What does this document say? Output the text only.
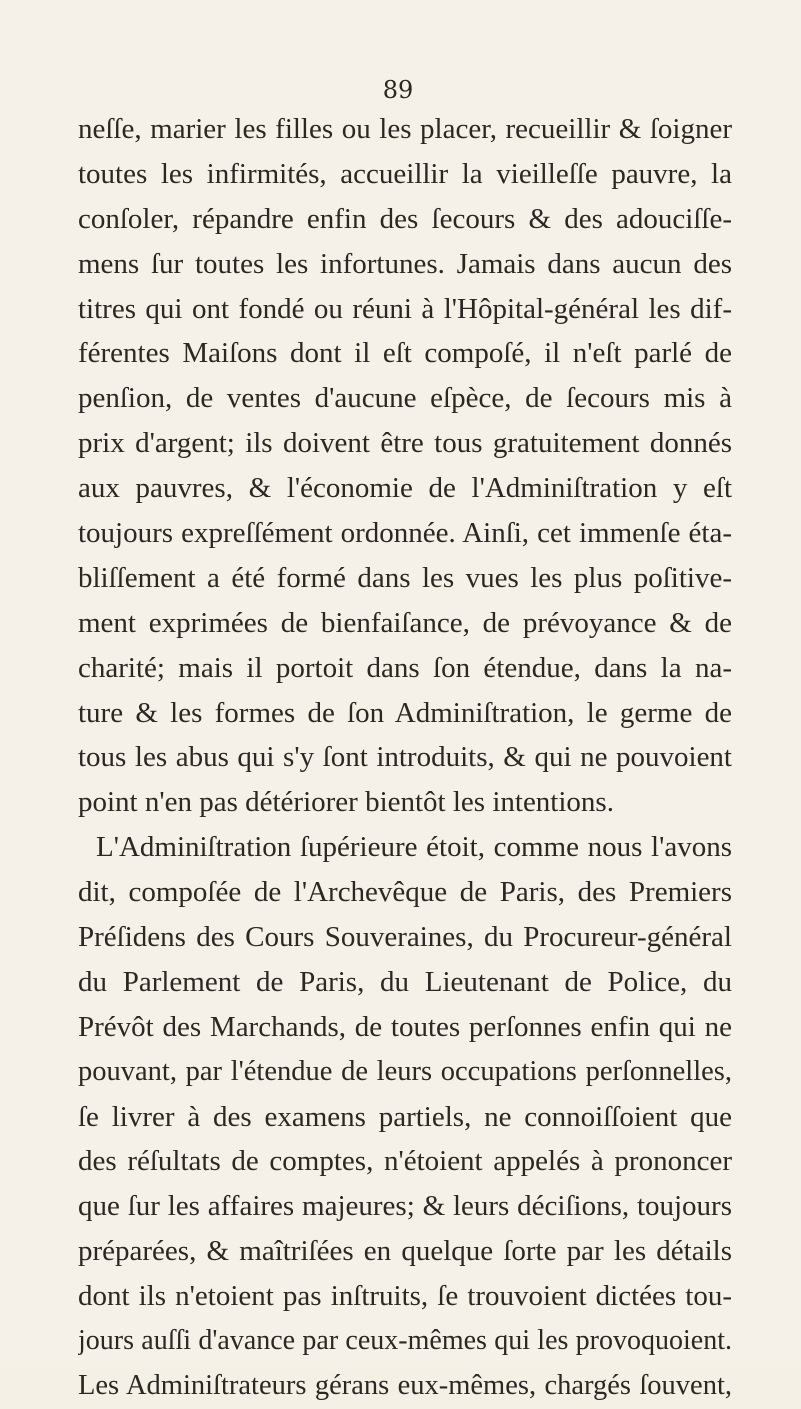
89
neſſe, marier les filles ou les placer, recueillir & ſoigner
toutes les infirmités, accueillir la vieilleſſe pauvre, la
conſoler, répandre enfin des ſecours & des adouciſſe-
mens ſur toutes les infortunes. Jamais dans aucun des
titres qui ont fondé ou réuni à l'Hôpital-général les dif-
férentes Maiſons dont il eſt compoſé, il n'eſt parlé de
penſion, de ventes d'aucune eſpèce, de ſecours mis à
prix d'argent; ils doivent être tous gratuitement donnés
aux pauvres, & l'économie de l'Adminiſtration y eſt
toujours expreſſément ordonnée. Ainſi, cet immenſe éta-
bliſſement a été formé dans les vues les plus poſitive-
ment exprimées de bienfaiſance, de prévoyance & de
charité; mais il portoit dans ſon étendue, dans la na-
ture & les formes de ſon Adminiſtration, le germe de
tous les abus qui s'y ſont introduits, & qui ne pouvoient
point n'en pas détériorer bientôt les intentions.
L'Adminiſtration ſupérieure étoit, comme nous l'avons
dit, compoſée de l'Archevêque de Paris, des Premiers
Préſidens des Cours Souveraines, du Procureur-général
du Parlement de Paris, du Lieutenant de Police, du
Prévôt des Marchands, de toutes perſonnes enfin qui ne
pouvant, par l'étendue de leurs occupations perſonnelles,
ſe livrer à des examens partiels, ne connoiſſoient que
des réſultats de comptes, n'étoient appelés à prononcer
que ſur les affaires majeures; & leurs déciſions, toujours
préparées, & maîtriſées en quelque ſorte par les détails
dont ils n'etoient pas inſtruits, ſe trouvoient dictées tou-
jours auſſi d'avance par ceux-mêmes qui les provoquoient.
Les Adminiſtrateurs gérans eux-mêmes, chargés ſouvent,
